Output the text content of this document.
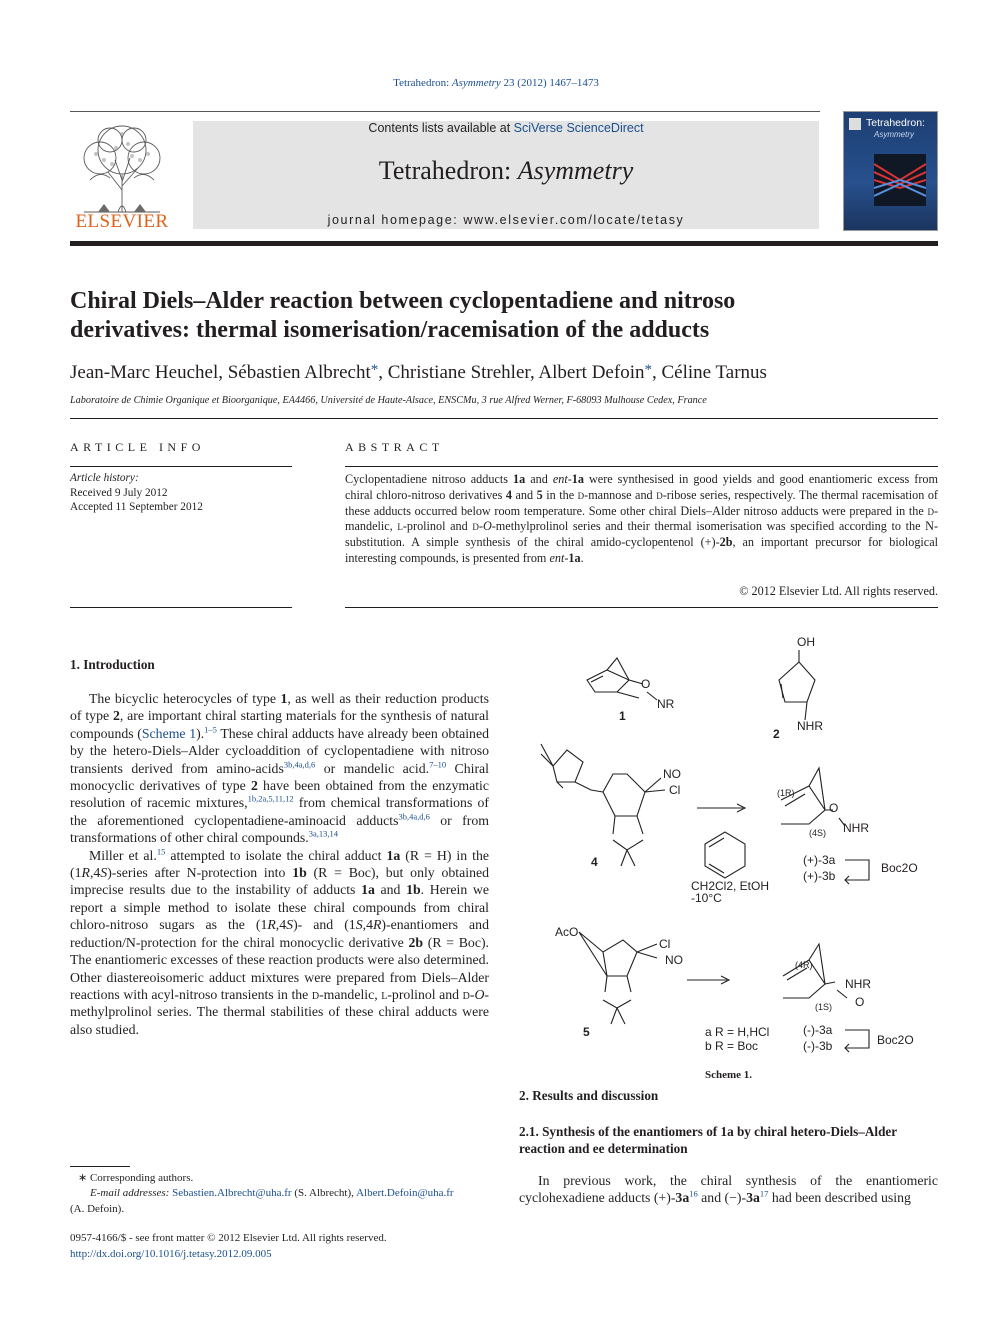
Tetrahedron: Asymmetry 23 (2012) 1467–1473
Contents lists available at SciVerse ScienceDirect
Tetrahedron: Asymmetry
journal homepage: www.elsevier.com/locate/tetasy
ELSEVIER
Tetrahedron:
Asymmetry
Chiral Diels–Alder reaction between cyclopentadiene and nitroso
derivatives: thermal isomerisation/racemisation of the adducts
Jean-Marc Heuchel, Sébastien Albrecht*, Christiane Strehler, Albert Defoin*, Céline Tarnus
Laboratoire de Chimie Organique et Bioorganique, EA4466, Université de Haute-Alsace, ENSCMu, 3 rue Alfred Werner, F-68093 Mulhouse Cedex, France
ARTICLE INFO	ABSTRACT
Article history:
Received 9 July 2012
Accepted 11 September 2012
Cyclopentadiene nitroso adducts 1a and ent-1a were synthesised in good yields and good enantiomeric excess from chiral chloro-nitroso derivatives 4 and 5 in the d-mannose and d-ribose series, respectively. The thermal racemisation of these adducts occurred below room temperature. Some other chiral Diels–Alder nitroso adducts were prepared in the d-mandelic, l-prolinol and d-O-methylprolinol series and their thermal isomerisation was specified according to the N-substitution. A simple synthesis of the chiral amido-cyclopentenol (+)-2b, an important precursor for biological interesting compounds, is presented from ent-1a.
© 2012 Elsevier Ltd. All rights reserved.
1. Introduction

The bicyclic heterocycles of type 1, as well as their reduction products of type 2, are important chiral starting materials for the synthesis of natural compounds (Scheme 1).$^{1-5}$ These chiral adducts have already been obtained by the hetero-Diels–Alder cycloaddition of cyclopentadiene with nitroso transients derived from amino-acids$^{3b,4a,d,6}$ or mandelic acid.$^{7-10}$ Chiral monocyclic derivatives of type 2 have been obtained from the enzymatic resolution of racemic mixtures,$^{1b,2a,5,11,12}$ from chemical transformations of the aforementioned cyclopentadiene-aminoacid adducts$^{3b,4a,d,6}$ or from transformations of other chiral compounds.$^{3a,13,14}$

Miller et al.$^{15}$ attempted to isolate the chiral adduct 1a (R = H) in the (1R,4S)-series after N-protection into 1b (R = Boc), but only obtained imprecise results due to the instability of adducts 1a and 1b. Herein we report a simple method to isolate these chiral compounds from chiral chloro-nitroso sugars as the (1R,4S)- and (1S,4R)-enantiomers and reduction/N-protection for the chiral monocyclic derivative 2b (R = Boc). The enantiomeric excesses of these reaction products were also determined. Other diastereoisomeric adduct mixtures were prepared from Diels–Alder reactions with acyl-nitroso transients in the d-mandelic, l-prolinol and d-O-methylprolinol series. The thermal stabilities of these chiral adducts were also studied.

O
NR
1
OH
NHR
2
NO
Cl
4
CH2Cl2, EtOH
-10°C
(1R)
(4S)
O
NHR
(+)-3a
(+)-3b
Boc2O
AcO
Cl
NO
5
(4R)
(1S)
NHR
O
a R = H,HCl
b R = Boc
(-)-3a
(-)-3b	Boc2O
Scheme 1.
2. Results and discussion
2.1. Synthesis of the enantiomers of 1a by chiral hetero-Diels–Alder reaction and ee determination

In previous work, the chiral synthesis of the enantiomeric cyclohexadiene adducts $(+)-3a^{16}$ and $(-)-3a^{17}$ had been described using

∗ Corresponding authors.
E-mail addresses: Sebastien.Albrecht@uha.fr (S. Albrecht), Albert.Defoin@uha.fr
(A. Defoin).
0957-4166/$ - see front matter © 2012 Elsevier Ltd. All rights reserved.
http://dx.doi.org/10.1016/j.tetasy.2012.09.005
